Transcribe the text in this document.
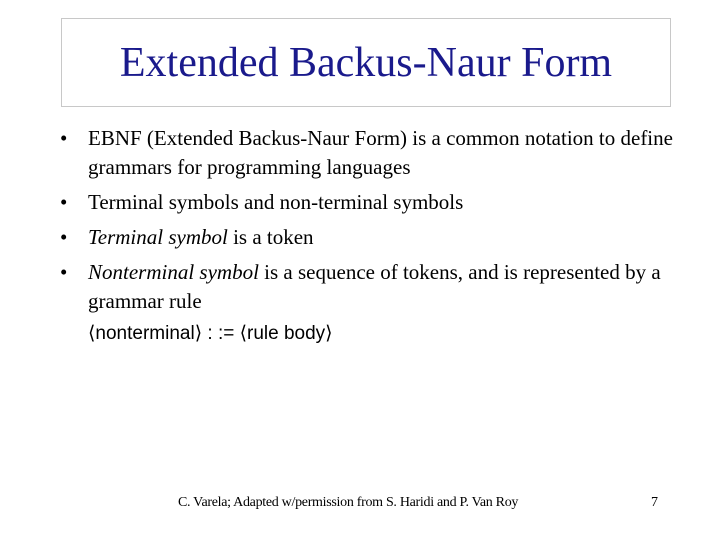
Extended Backus-Naur Form
• EBNF (Extended Backus-Naur Form) is a common notation to define grammars for programming languages
• Terminal symbols and non-terminal symbols
• Terminal symbol is a token
• Nonterminal symbol is a sequence of tokens, and is represented by a grammar rule
⟨nonterminal⟩ : := ⟨rule body⟩
C. Varela; Adapted w/permission from S. Haridi and P. Van Roy	7
